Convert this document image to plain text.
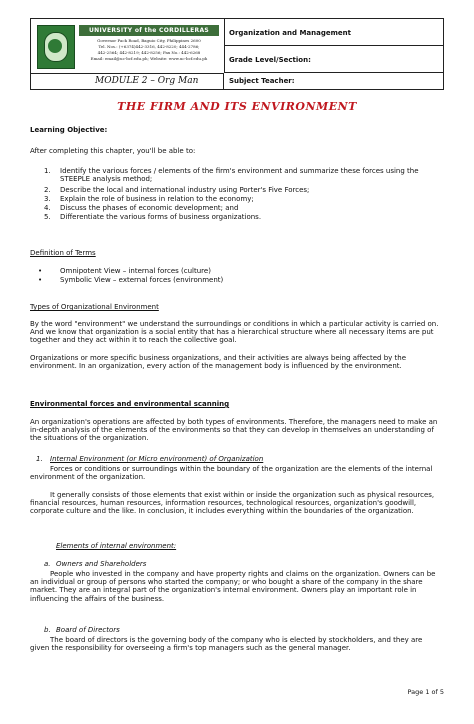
UNIVERSITY of the CORDILLERAS
Governor Pack Road, Baguio City, Philippines 2600
Tel. Nos.: (+6374)442-3316, 442-8220; 444-2786;
442-2564; 442-8219; 442-8256; Fax No.: 442-6268
Email: email@uc-bcf.edu.ph; Website: www.uc-bcf.edu.ph
MODULE 2 – Org Man
Organization and Management
Grade Level/Section:
Subject Teacher:
THE FIRM AND ITS ENVIRONMENT
Learning Objective:
After completing this chapter, you'll be able to:
1. Identify the various forces / elements of the firm's environment and summarize these forces using the STEEPLE analysis method;
2. Describe the local and international industry using Porter's Five Forces;
3. Explain the role of business in relation to the economy;
4. Discuss the phases of economic development; and
5. Differentiate the various forms of business organizations.
Definition of Terms
•	Omnipotent View – internal forces (culture)
•	Symbolic View – external forces (environment)
Types of Organizational Environment
By the word "environment" we understand the surroundings or conditions in which a particular activity is carried on. And we know that organization is a social entity that has a hierarchical structure where all necessary items are put together and they act within it to reach the collective goal.
Organizations or more specific business organizations, and their activities are always being affected by the environment. In an organization, every action of the management body is influenced by the environment.
Environmental forces and environmental scanning
An organization's operations are affected by both types of environments. Therefore, the managers need to make an in-depth analysis of the elements of the environments so that they can develop in themselves an understanding of the situations of the organization.
1. Internal Environment (or Micro environment) of Organization
Forces or conditions or surroundings within the boundary of the organization are the elements of the internal environment of the organization.
It generally consists of those elements that exist within or inside the organization such as physical resources, financial resources, human resources, information resources, technological resources, organization's goodwill, corporate culture and the like. In conclusion, it includes everything within the boundaries of the organization.
Elements of internal environment:
a. Owners and Shareholders
People who invested in the company and have property rights and claims on the organization. Owners can be an individual or group of persons who started the company; or who bought a share of the company in the share market. They are an integral part of the organization's internal environment. Owners play an important role in influencing the affairs of the business.
b. Board of Directors
The board of directors is the governing body of the company who is elected by stockholders, and they are given the responsibility for overseeing a firm's top managers such as the general manager.
Page 1 of 5
